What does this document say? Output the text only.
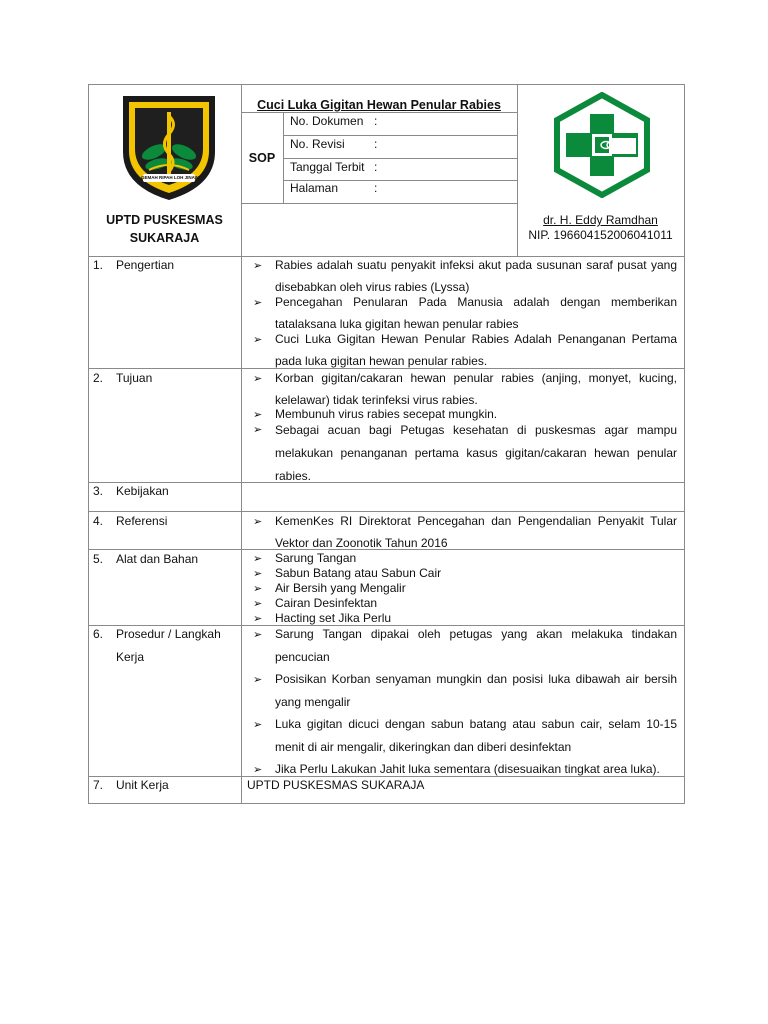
GEMAH RIPAH LOH JINAWI
UPTD PUSKESMAS
SUKARAJA
Cuci Luka Gigitan Hewan Penular Rabies
SOP
No. Dokumen :
No. Revisi :
Tanggal Terbit :
Halaman	:
dr. H. Eddy Ramdhan
NIP. 196604152006041011
1. Pengertian	➢ Rabies adalah suatu penyakit infeksi akut pada susunan saraf pusat yang disebabkan oleh virus rabies (Lyssa)
➢ Pencegahan Penularan Pada Manusia adalah dengan memberikan tatalaksana luka gigitan hewan penular rabies
➢ Cuci Luka Gigitan Hewan Penular Rabies Adalah Penanganan Pertama pada luka gigitan hewan penular rabies.
2. Tujuan	➢ Korban gigitan/cakaran hewan penular rabies (anjing, monyet, kucing, kelelawar) tidak terinfeksi virus rabies.
➢ Membunuh virus rabies secepat mungkin.
➢ Sebagai acuan bagi Petugas kesehatan di puskesmas agar mampu melakukan penanganan pertama kasus gigitan/cakaran hewan penular rabies.
3. Kebijakan
4. Referensi	➢ KemenKes RI Direktorat Pencegahan dan Pengendalian Penyakit Tular Vektor dan Zoonotik Tahun 2016
5. Alat dan Bahan	➢ Sarung Tangan
➢ Sabun Batang atau Sabun Cair
➢ Air Bersih yang Mengalir
➢ Cairan Desinfektan
➢ Hacting set Jika Perlu
6. Prosedur / Langkah
Kerja
➢ Sarung Tangan dipakai oleh petugas yang akan melakuka tindakan pencucian
➢ Posisikan Korban senyaman mungkin dan posisi luka dibawah air bersih yang mengalir
➢ Luka gigitan dicuci dengan sabun batang atau sabun cair, selam 10-15 menit di air mengalir, dikeringkan dan diberi desinfektan
➢ Jika Perlu Lakukan Jahit luka sementara (disesuaikan tingkat area luka).
7. Unit Kerja	UPTD PUSKESMAS SUKARAJA
